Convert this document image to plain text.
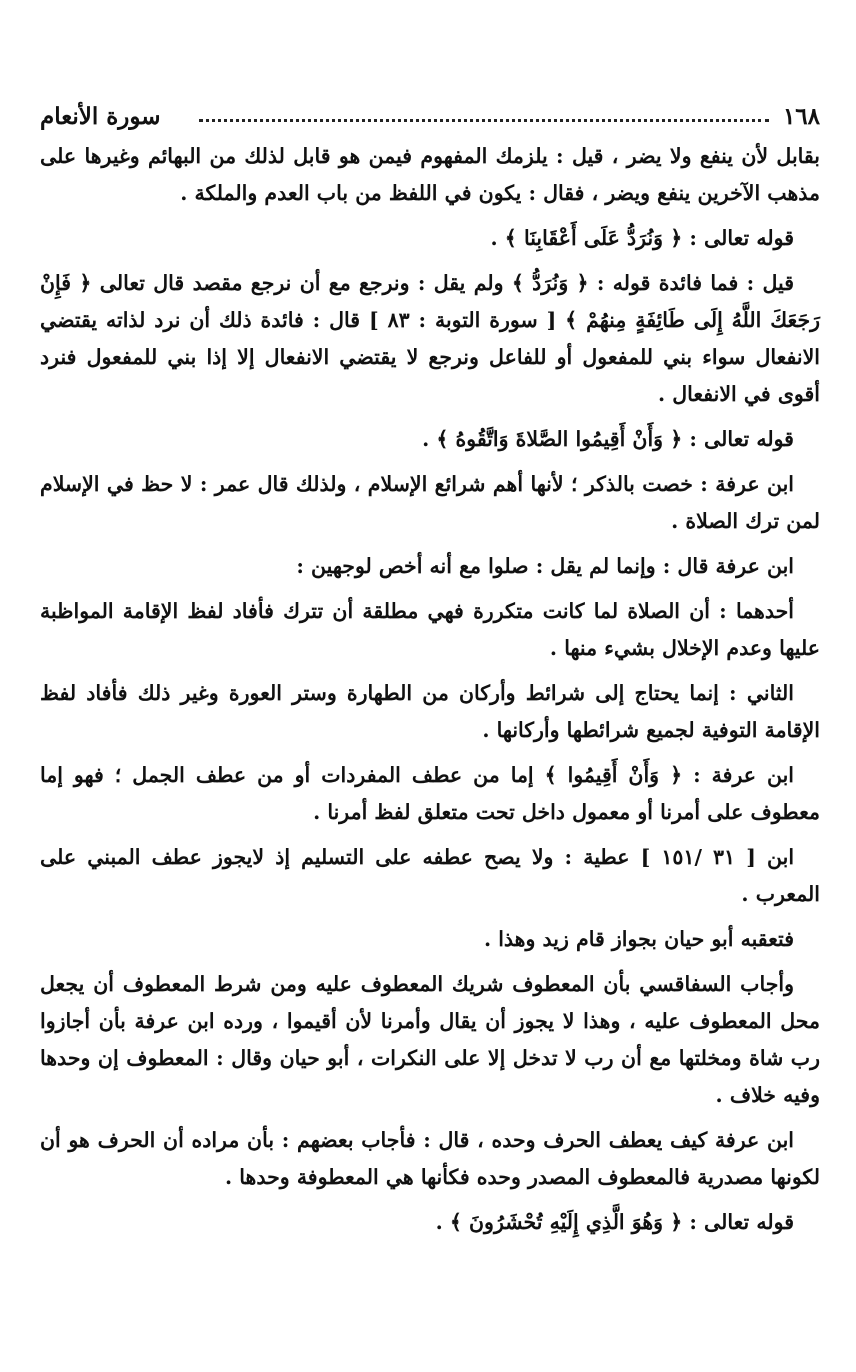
١٦٨
سورة الأنعام

بقابل لأن ينفع ولا يضر ، قيل : يلزمك المفهوم فيمن هو قابل لذلك من البهائم وغيرها على مذهب الآخرين ينفع ويضر ، فقال : يكون في اللفظ من باب العدم والملكة .

قوله تعالى : ﴿ وَنُرَدُّ عَلَى أَعْقَابِنَا ﴾ .

قيل : فما فائدة قوله : ﴿ وَنُرَدُّ ﴾ ولم يقل : ونرجع مع أن نرجع مقصد قال تعالى ﴿ فَإِنْ رَجَعَكَ اللَّهُ إِلَى طَائِفَةٍ مِنهُمْ ﴾ [ سورة التوبة : ٨٣ ] قال : فائدة ذلك أن نرد لذاته يقتضي الانفعال سواء بني للمفعول أو للفاعل ونرجع لا يقتضي الانفعال إلا إذا بني للمفعول فنرد أقوى في الانفعال .

قوله تعالى : ﴿ وَأَنْ أَقِيمُوا الصَّلاةَ وَاتَّقُوهُ ﴾ .

ابن عرفة : خصت بالذكر ؛ لأنها أهم شرائع الإسلام ، ولذلك قال عمر : لا حظ في الإسلام لمن ترك الصلاة .

ابن عرفة قال : وإنما لم يقل : صلوا مع أنه أخص لوجهين :

أحدهما : أن الصلاة لما كانت متكررة فهي مطلقة أن تترك فأفاد لفظ الإقامة المواظبة عليها وعدم الإخلال بشيء منها .

الثاني : إنما يحتاج إلى شرائط وأركان من الطهارة وستر العورة وغير ذلك فأفاد لفظ الإقامة التوفية لجميع شرائطها وأركانها .

ابن عرفة : ﴿ وَأَنْ أَقِيمُوا ﴾ إما من عطف المفردات أو من عطف الجمل ؛ فهو إما معطوف على أمرنا أو معمول داخل تحت متعلق لفظ أمرنا .

ابن [ ٣١ /١٥١ ] عطية : ولا يصح عطفه على التسليم إذ لايجوز عطف المبني على المعرب .

فتعقبه أبو حيان بجواز قام زيد وهذا .

وأجاب السفاقسي بأن المعطوف شريك المعطوف عليه ومن شرط المعطوف أن يجعل محل المعطوف عليه ، وهذا لا يجوز أن يقال وأمرنا لأن أقيموا ، ورده ابن عرفة بأن أجازوا رب شاة ومخلتها مع أن رب لا تدخل إلا على النكرات ، أبو حيان وقال : المعطوف إن وحدها وفيه خلاف .

ابن عرفة كيف يعطف الحرف وحده ، قال : فأجاب بعضهم : بأن مراده أن الحرف هو أن لكونها مصدرية فالمعطوف المصدر وحده فكأنها هي المعطوفة وحدها .

قوله تعالى : ﴿ وَهُوَ الَّذِي إِلَيْهِ تُحْشَرُونَ ﴾ .
